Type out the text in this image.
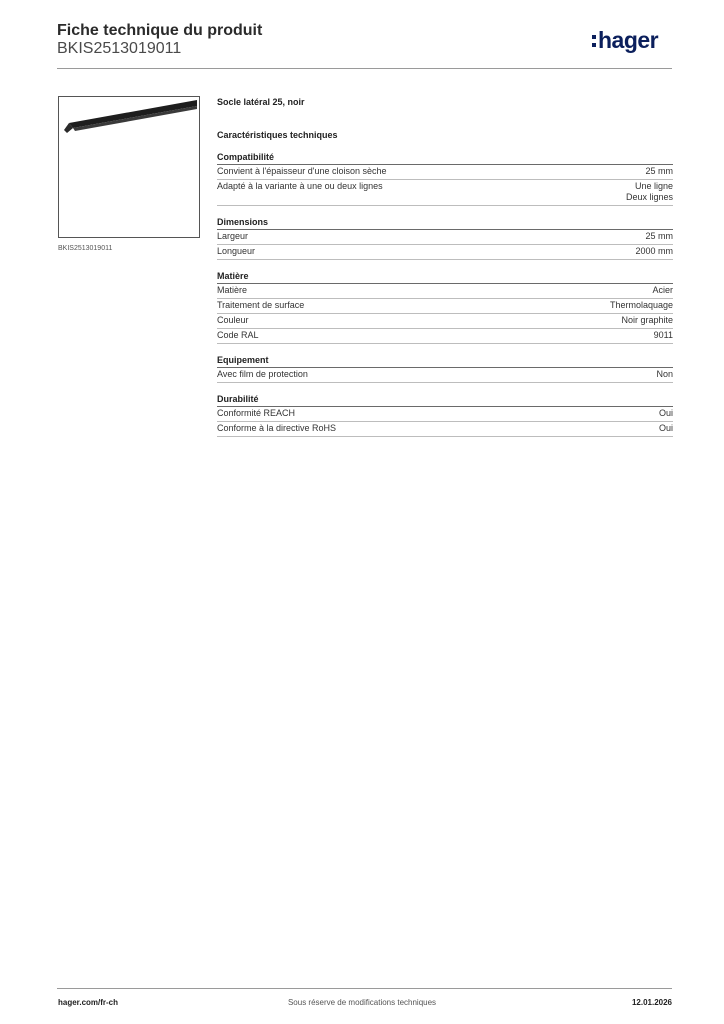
Fiche technique du produit
BKIS2513019011	hager
BKIS2513019011
Socle latéral 25, noir
Caractéristiques techniques
Compatibilité
Convient à l'épaisseur d'une cloison sèche	25 mm
Adapté à la variante à une ou deux lignes	Une ligne
Deux lignes
Dimensions
Largeur	25 mm
Longueur	2000 mm
Matière
Matière	Acier
Traitement de surface	Thermolaquage
Couleur	Noir graphite
Code RAL	9011
Equipement
Avec film de protection	Non
Durabilité
Conformité REACH	Oui
Conforme à la directive RoHS	Oui
hager.com/fr-ch	Sous réserve de modifications techniques	12.01.2026
